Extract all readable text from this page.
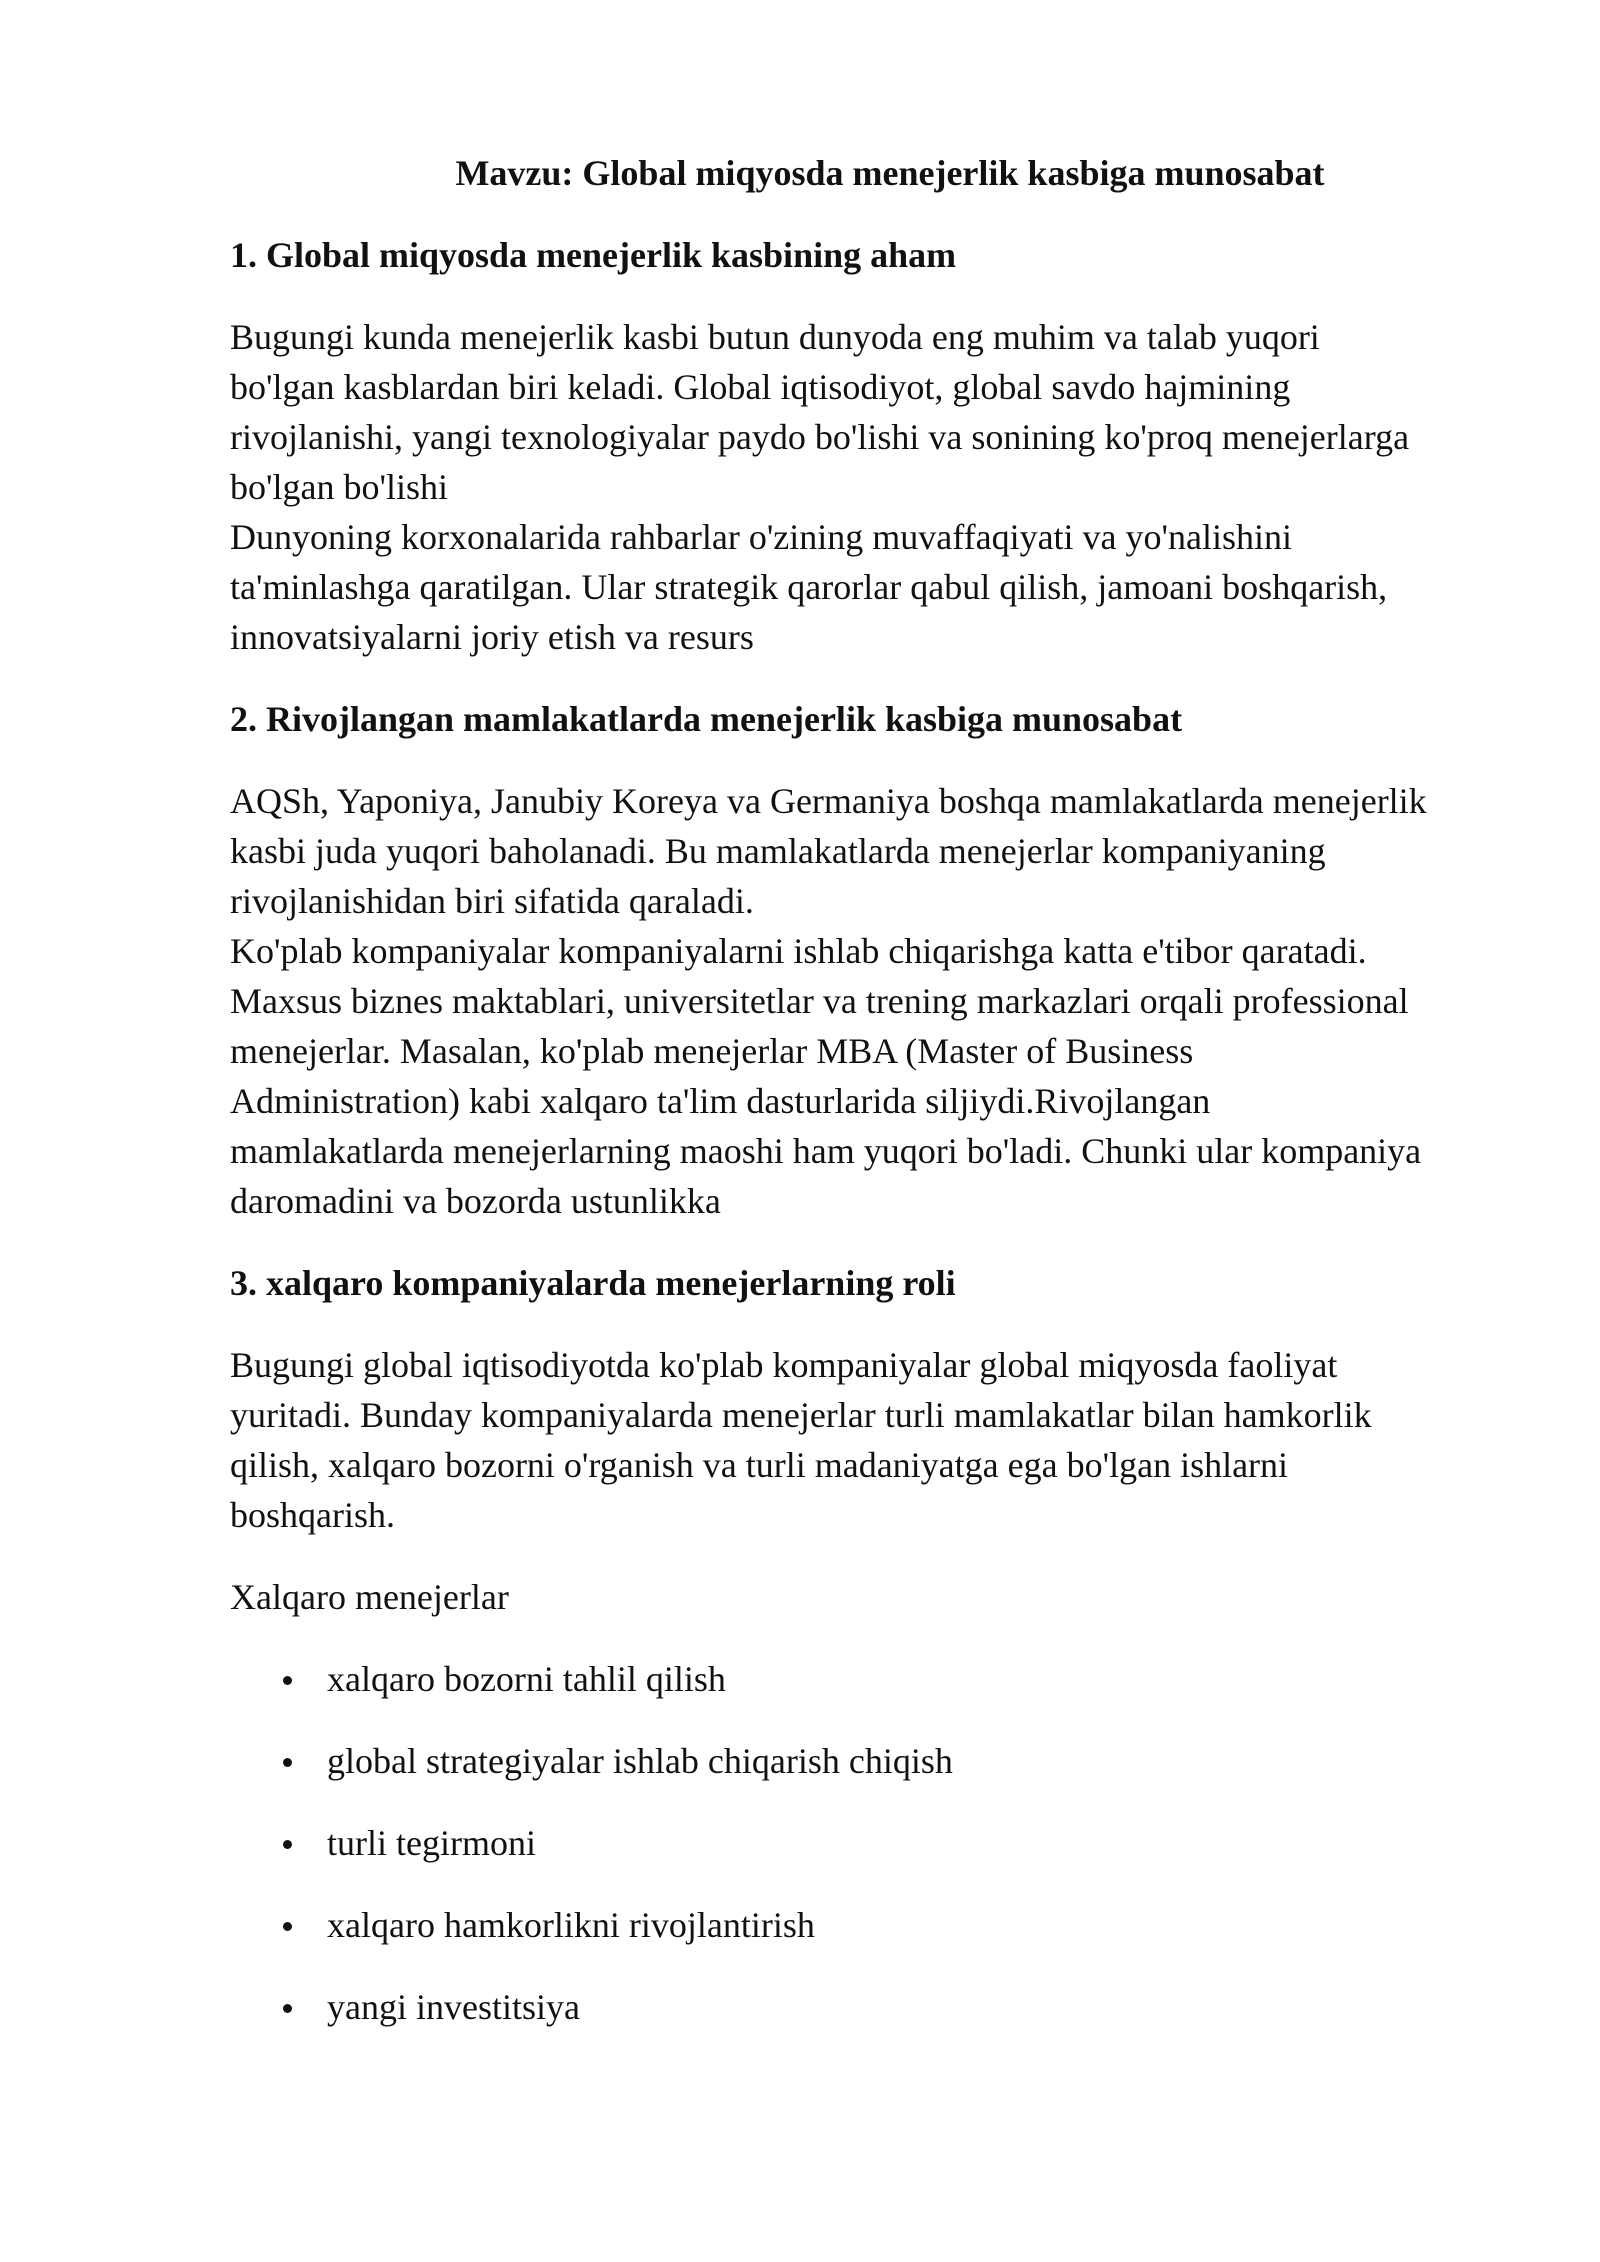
Mavzu: Global miqyosda menejerlik kasbiga munosabat
1. Global miqyosda menejerlik kasbining aham

Bugungi kunda menejerlik kasbi butun dunyoda eng muhim va talab yuqori

bo'lgan kasblardan biri keladi. Global iqtisodiyot, global savdo hajmining

rivojlanishi, yangi texnologiyalar paydo bo'lishi va sonining ko'proq menejerlarga

bo'lgan bo'lishi

Dunyoning korxonalarida rahbarlar o'zining muvaffaqiyati va yo'nalishini

ta'minlashga qaratilgan. Ular strategik qarorlar qabul qilish, jamoani boshqarish,

innovatsiyalarni joriy etish va resurs

2. Rivojlangan mamlakatlarda menejerlik kasbiga munosabat

AQSh, Yaponiya, Janubiy Koreya va Germaniya boshqa mamlakatlarda menejerlik

kasbi juda yuqori baholanadi. Bu mamlakatlarda menejerlar kompaniyaning

rivojlanishidan biri sifatida qaraladi.

Ko'plab kompaniyalar kompaniyalarni ishlab chiqarishga katta e'tibor qaratadi.

Maxsus biznes maktablari, universitetlar va trening markazlari orqali professional

menejerlar. Masalan, ko'plab menejerlar MBA (Master of Business

Administration) kabi xalqaro ta'lim dasturlarida siljiydi.Rivojlangan

mamlakatlarda menejerlarning maoshi ham yuqori bo'ladi. Chunki ular kompaniya

daromadini va bozorda ustunlikka

3. xalqaro kompaniyalarda menejerlarning roli

Bugungi global iqtisodiyotda ko'plab kompaniyalar global miqyosda faoliyat

yuritadi. Bunday kompaniyalarda menejerlar turli mamlakatlar bilan hamkorlik

qilish, xalqaro bozorni o'rganish va turli madaniyatga ega bo'lgan ishlarni

boshqarish.

Xalqaro menejerlar
xalqaro bozorni tahlil qilish
global strategiyalar ishlab chiqarish chiqish
turli tegirmoni
xalqaro hamkorlikni rivojlantirish
yangi investitsiya
